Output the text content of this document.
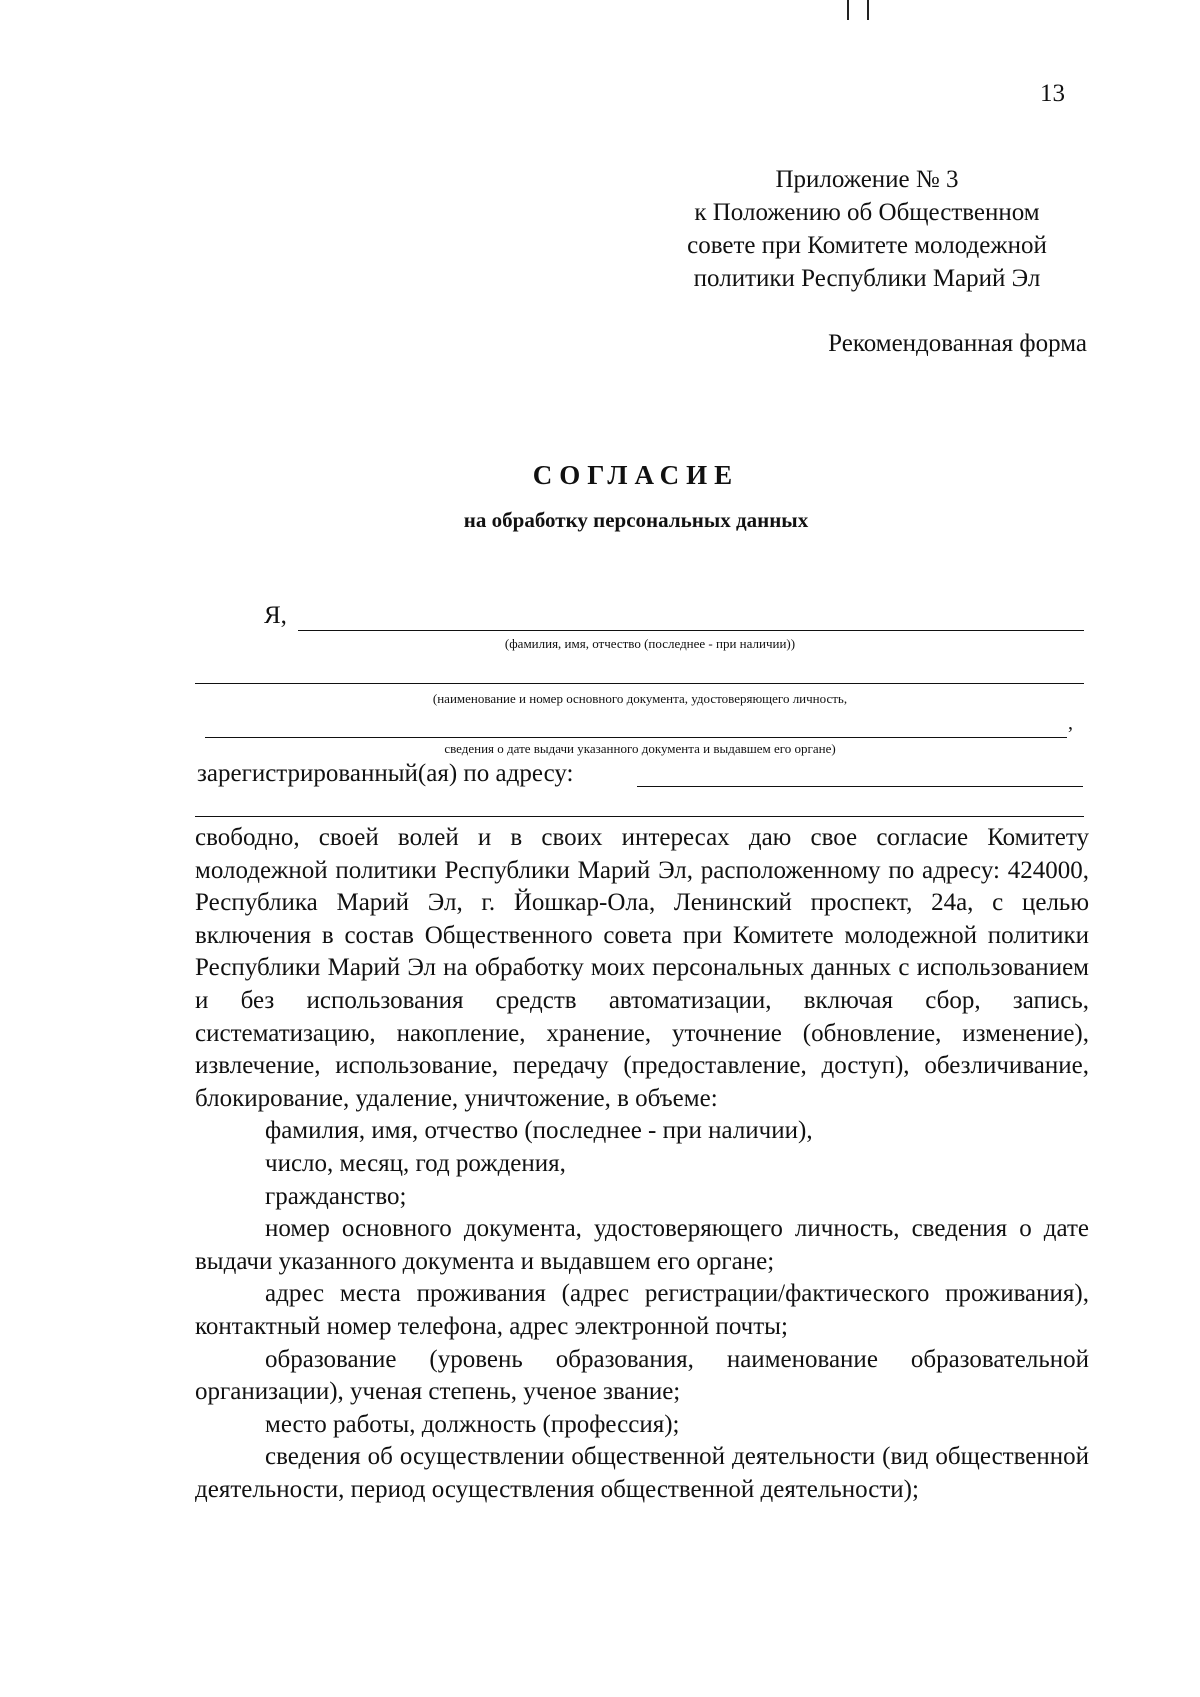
13
Приложение № 3
к Положению об Общественном
совете при Комитете молодежной
политики Республики Марий Эл
Рекомендованная форма
СОГЛАСИЕ
на обработку персональных данных
Я,
(фамилия, имя, отчество (последнее - при наличии))
(наименование и номер основного документа, удостоверяющего личность,
,
сведения о дате выдачи указанного документа и выдавшем его органе)
зарегистрированный(ая) по адресу:

свободно, своей волей и в своих интересах даю свое согласие Комитету молодежной политики Республики Марий Эл, расположенному по адресу: 424000, Республика Марий Эл, г. Йошкар-Ола, Ленинский проспект, 24а, с целью включения в состав Общественного совета при Комитете молодежной политики Республики Марий Эл на обработку моих персональных данных с использованием и без использования средств автоматизации, включая сбор, запись, систематизацию, накопление, хранение, уточнение (обновление, изменение), извлечение, использование, передачу (предоставление, доступ), обезличивание, блокирование, удаление, уничтожение, в объеме:

фамилия, имя, отчество (последнее - при наличии),

число, месяц, год рождения,

гражданство;

номер основного документа, удостоверяющего личность, сведения о дате выдачи указанного документа и выдавшем его органе;

адрес места проживания (адрес регистрации/фактического проживания), контактный номер телефона, адрес электронной почты;

образование (уровень образования, наименование образовательной организации), ученая степень, ученое звание;

место работы, должность (профессия);

сведения об осуществлении общественной деятельности (вид общественной деятельности, период осуществления общественной деятельности);
